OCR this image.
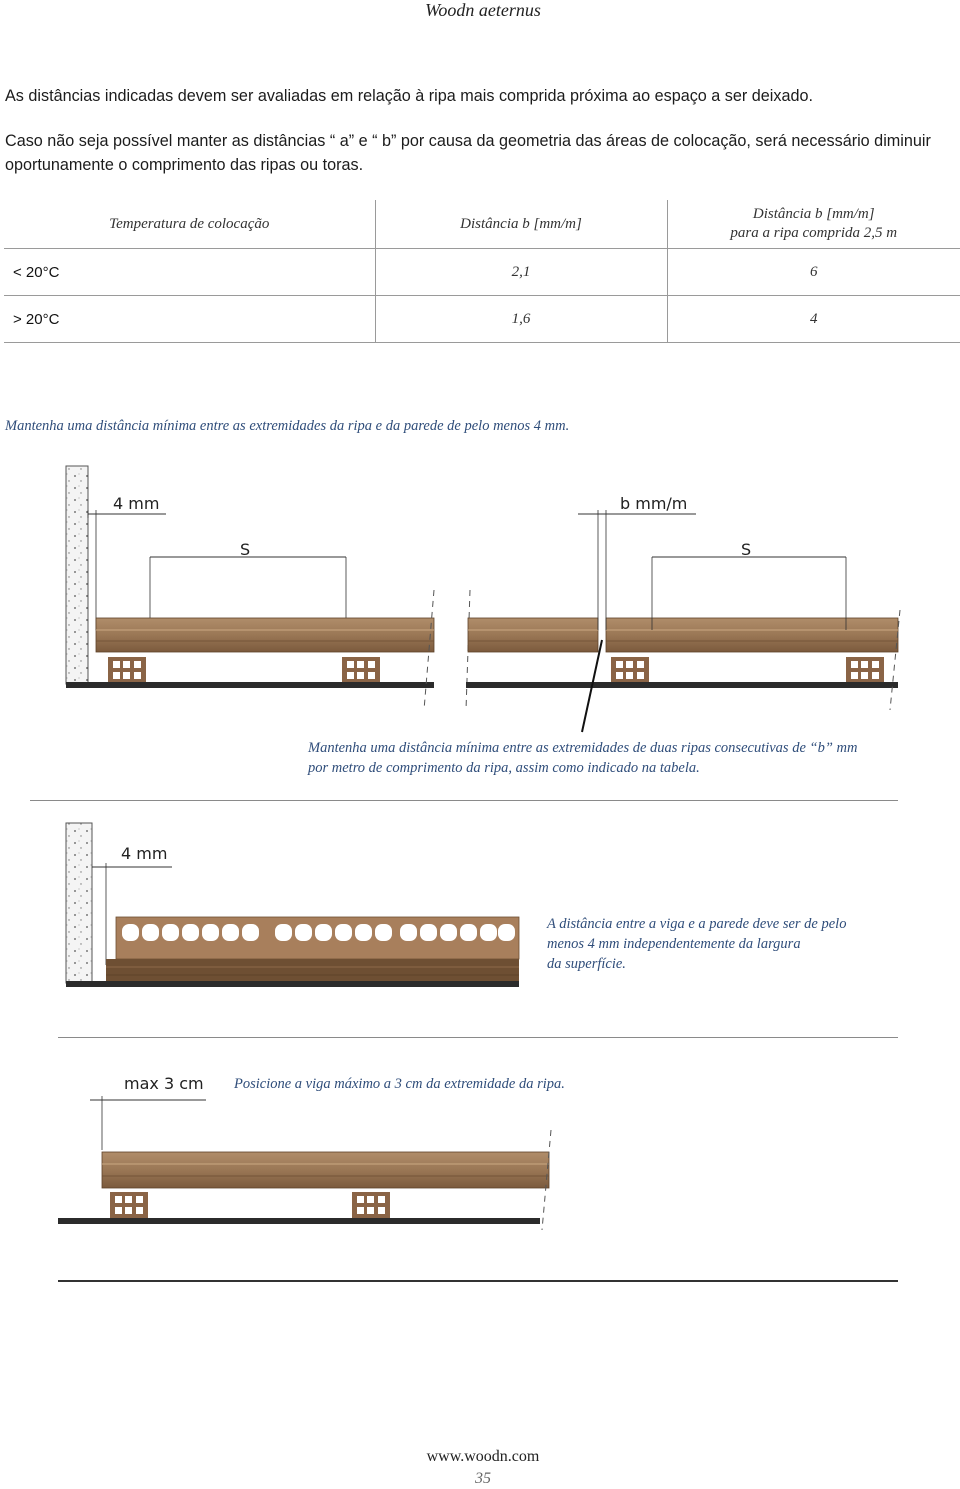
Woodn aeternus
As distâncias indicadas devem ser avaliadas em relação à ripa mais comprida próxima ao espaço a ser deixado.
Caso não seja possível manter as distâncias “ a” e “ b” por causa da geometria das áreas de colocação, será necessário diminuir oportunamente o comprimento das ripas ou toras.
Temperatura de colocação	Distância b [mm/m]	Distância b [mm/m]
para a ripa comprida 2,5 m

< 20°C	2,1	6
> 20°C	1,6	4
Mantenha uma distância mínima entre as extremidades da ripa e da parede de pelo menos 4 mm.
4 mm
S
b mm/m
S
Mantenha uma distância mínima entre as extremidades de duas ripas consecutivas de “b” mm
por metro de comprimento da ripa, assim como indicado na tabela.
4 mm
A distância entre a viga e a parede deve ser de pelo
menos 4 mm independentemente da largura
da superfície.
max 3 cm Posicione a viga máximo a 3 cm da extremidade da ripa.
www.woodn.com
35
